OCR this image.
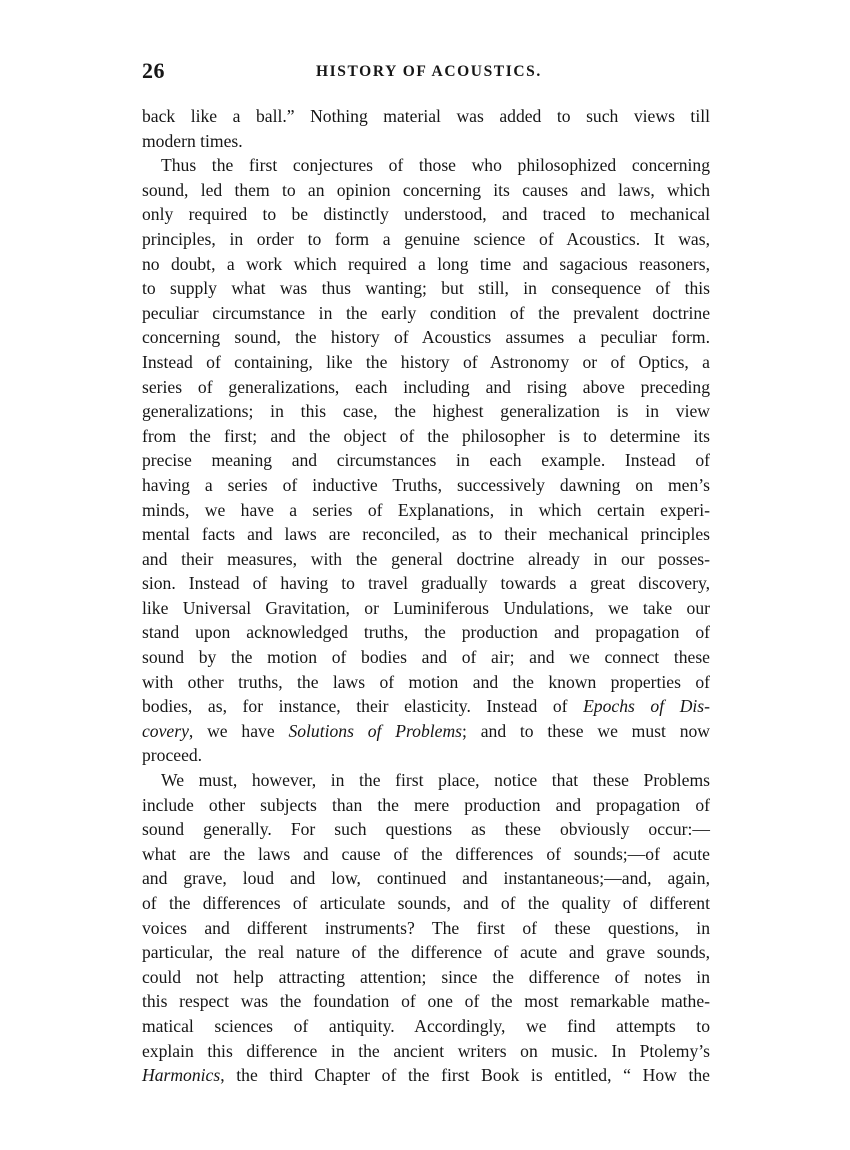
26	HISTORY OF ACOUSTICS.
back like a ball.” Nothing material was added to such views till
modern times.
Thus the first conjectures of those who philosophized concerning
sound, led them to an opinion concerning its causes and laws, which
only required to be distinctly understood, and traced to mechanical
principles, in order to form a genuine science of Acoustics. It was,
no doubt, a work which required a long time and sagacious reasoners,
to supply what was thus wanting; but still, in consequence of this
peculiar circumstance in the early condition of the prevalent doctrine
concerning sound, the history of Acoustics assumes a peculiar form.
Instead of containing, like the history of Astronomy or of Optics, a
series of generalizations, each including and rising above preceding
generalizations; in this case, the highest generalization is in view
from the first; and the object of the philosopher is to determine its
precise meaning and circumstances in each example. Instead of
having a series of inductive Truths, successively dawning on men’s
minds, we have a series of Explanations, in which certain experi-
mental facts and laws are reconciled, as to their mechanical principles
and their measures, with the general doctrine already in our posses-
sion. Instead of having to travel gradually towards a great discovery,
like Universal Gravitation, or Luminiferous Undulations, we take our
stand upon acknowledged truths, the production and propagation of
sound by the motion of bodies and of air; and we connect these
with other truths, the laws of motion and the known properties of
bodies, as, for instance, their elasticity. Instead of Epochs of Dis-
covery, we have Solutions of Problems; and to these we must now
proceed.
We must, however, in the first place, notice that these Problems
include other subjects than the mere production and propagation of
sound generally. For such questions as these obviously occur:—
what are the laws and cause of the differences of sounds;—of acute
and grave, loud and low, continued and instantaneous;—and, again,
of the differences of articulate sounds, and of the quality of different
voices and different instruments? The first of these questions, in
particular, the real nature of the difference of acute and grave sounds,
could not help attracting attention; since the difference of notes in
this respect was the foundation of one of the most remarkable mathe-
matical sciences of antiquity. Accordingly, we find attempts to
explain this difference in the ancient writers on music. In Ptolemy’s
Harmonics, the third Chapter of the first Book is entitled, “ How the
